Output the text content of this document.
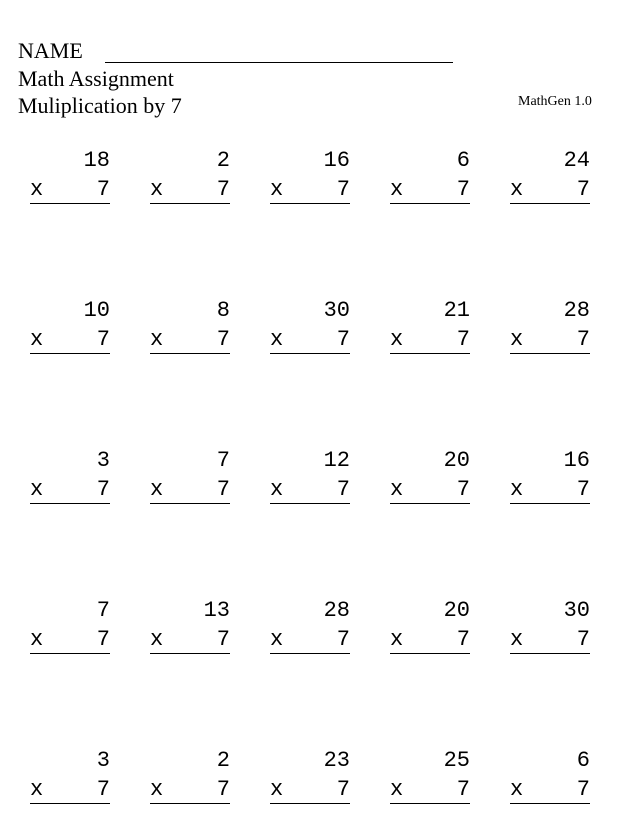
NAME
Math Assignment
Muliplication by 7	MathGen 1.0
18
x 7
2
x 7
16
x 7
6
x 7
24
x 7
10
x 7
8
x 7
30
x 7
21
x 7
28
x 7
3
x 7
7
x 7
12
x 7
20
x 7
16
x 7
7
x 7
13
x 7
28
x 7
20
x 7
30
x 7
3
x 7
2
x 7
23
x 7
25
x 7
6
x 7
